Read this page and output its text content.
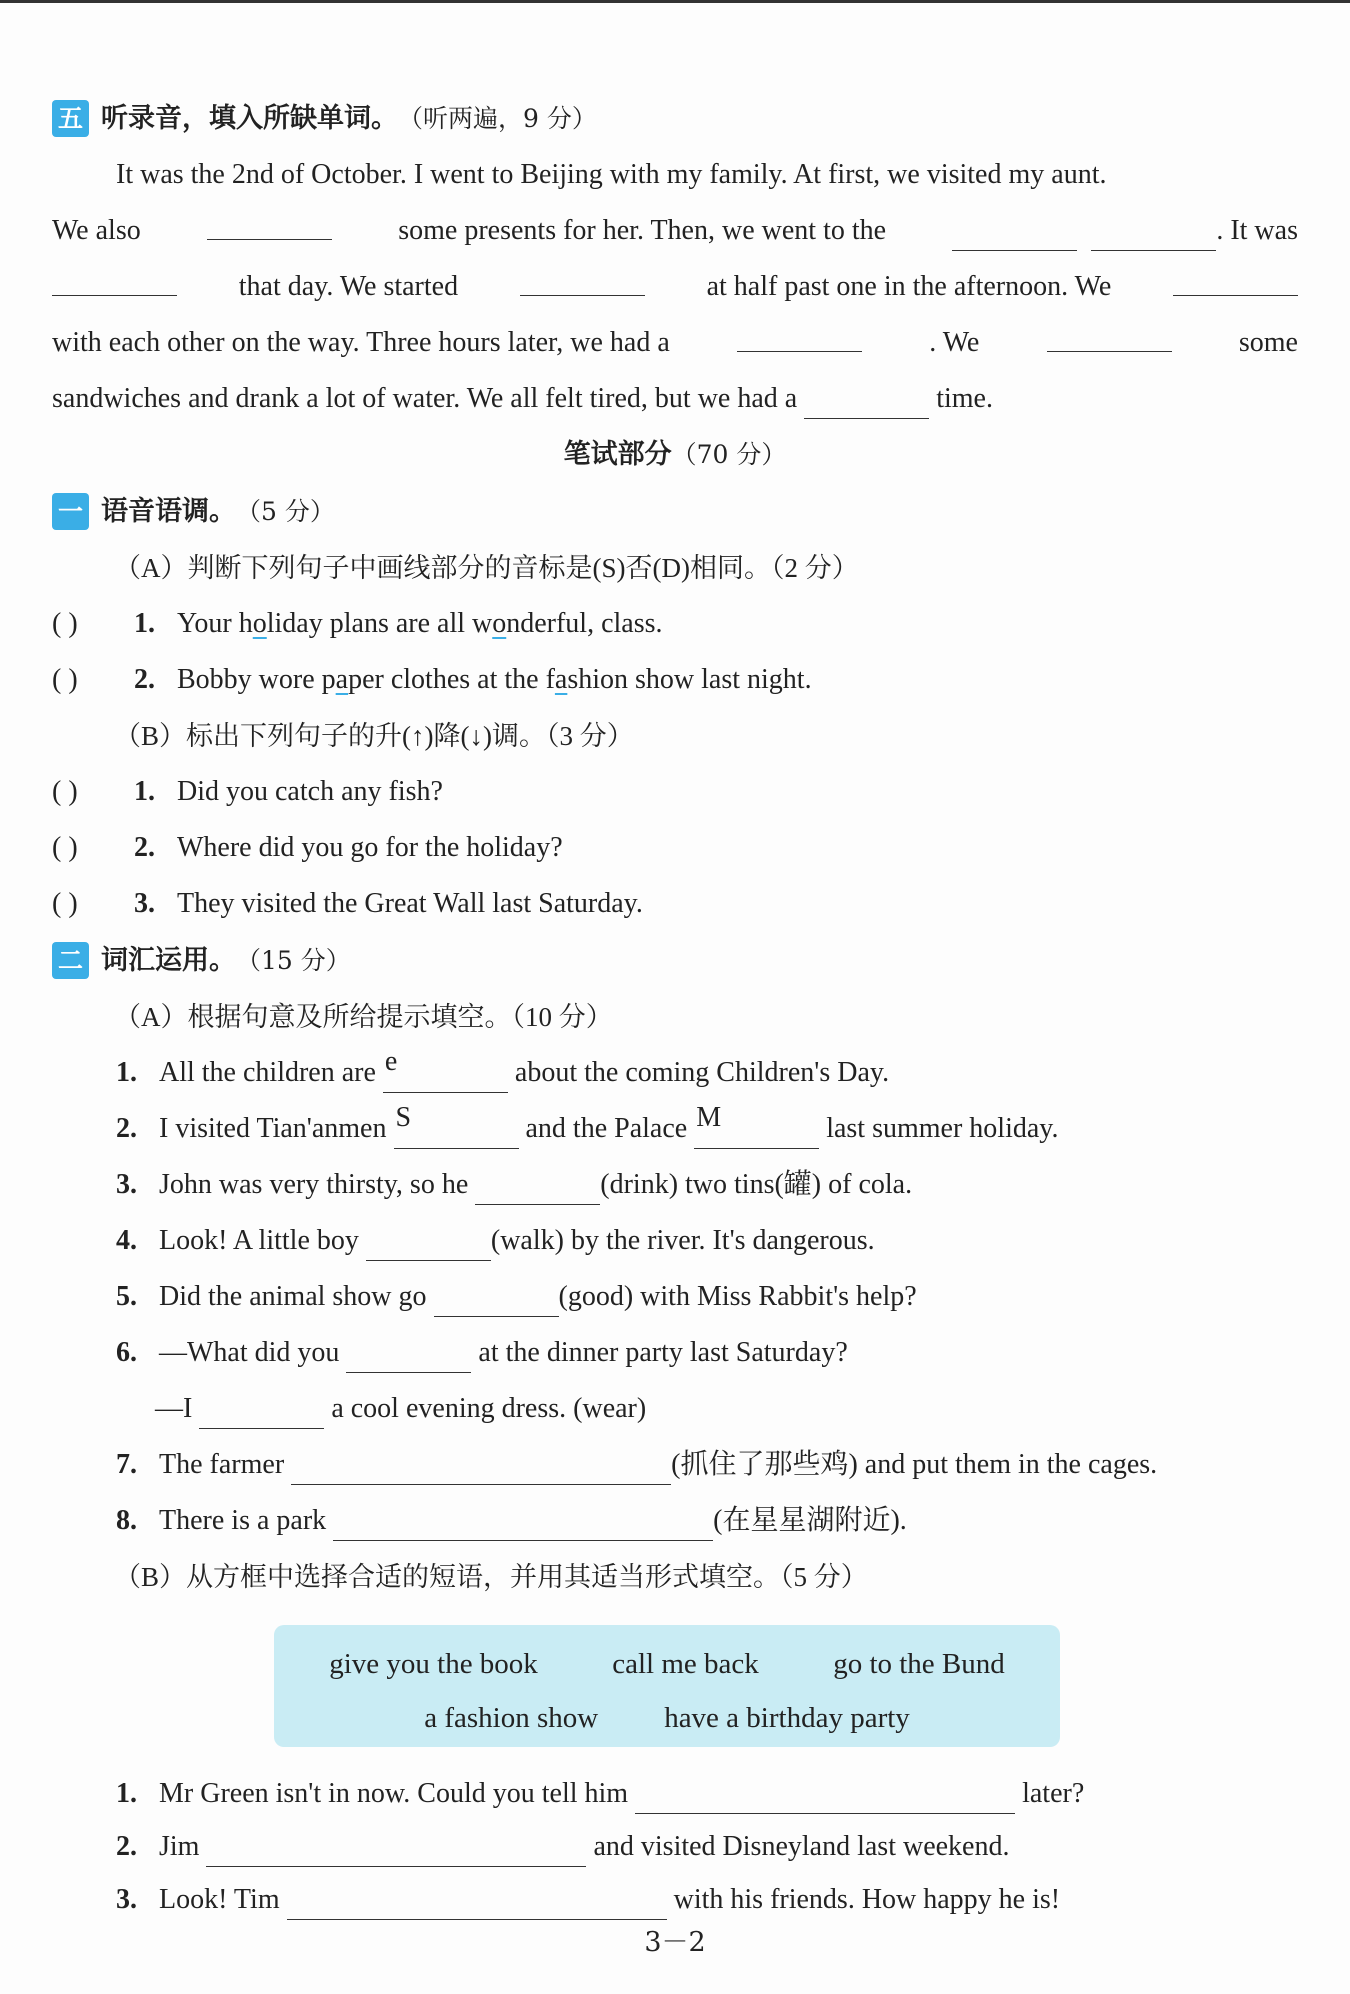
五 听录音，填入所缺单词。 （听两遍，9 分）
It was the 2nd of October. I went to Beijing with my family. At first, we visited my aunt.
We also	some presents for her. Then, we went to the	. It was
that day. We started	at half past one in the afternoon. We
with each other on the way. Three hours later, we had a	. We	some
sandwiches and drank a lot of water. We all felt tired, but we had a	time.
笔试部分（70 分）
一 语音语调。 （5 分）
（A）判断下列句子中画线部分的音标是(S)否(D)相同。（2 分）
( ) 1. Your holiday plans are all wonderful, class.
( ) 2. Bobby wore paper clothes at the fashion show last night.
（B）标出下列句子的升(↑)降(↓)调。（3 分）
( ) 1. Did you catch any fish?
( ) 2. Where did you go for the holiday?
( ) 3. They visited the Great Wall last Saturday.
二 词汇运用。 （15 分）
（A）根据句意及所给提示填空。（10 分）
1. All the children are e	about the coming Children's Day.
2. I visited Tian'anmen S	and the Palace M	last summer holiday.
3. John was very thirsty, so he	(drink) two tins(罐) of cola.
4. Look! A little boy	(walk) by the river. It's dangerous.
5. Did the animal show go	(good) with Miss Rabbit's help?
6. —What did you	at the dinner party last Saturday?
—I	a cool evening dress. (wear)
7. The farmer	(抓住了那些鸡) and put them in the cages.
8. There is a park	(在星星湖附近).
（B）从方框中选择合适的短语，并用其适当形式填空。（5 分）
give you the book	call me back	go to the Bund
a fashion show have a birthday party
1. Mr Green isn't in now. Could you tell him	later?
2. Jim	and visited Disneyland last weekend.
3. Look! Tim	with his friends. How happy he is!
3－2
